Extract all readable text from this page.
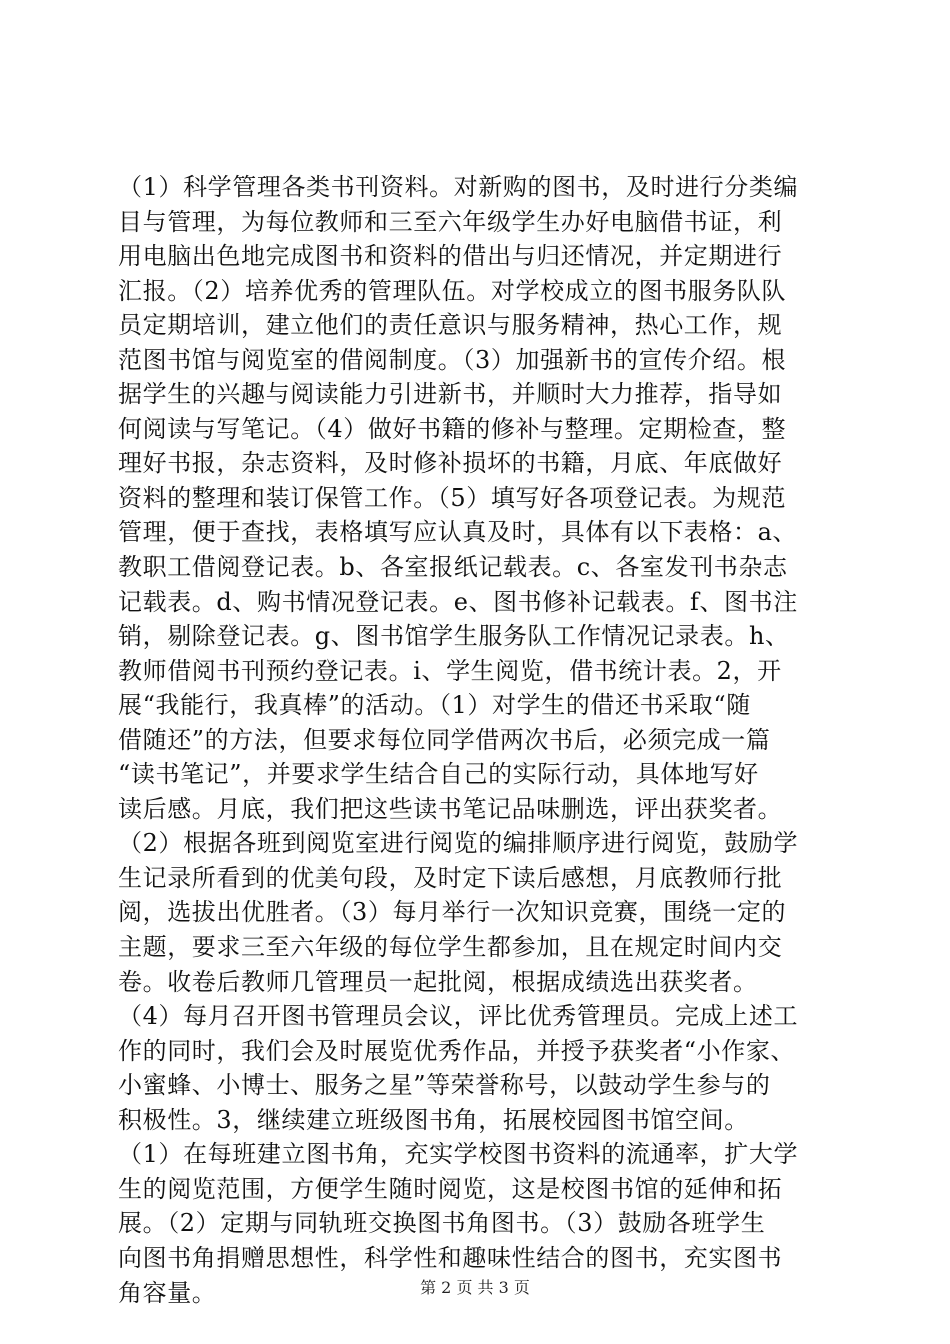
（1）科学管理各类书刊资料。对新购的图书，及时进行分类编
目与管理，为每位教师和三至六年级学生办好电脑借书证，利
用电脑出色地完成图书和资料的借出与归还情况，并定期进行
汇报。（2）培养优秀的管理队伍。对学校成立的图书服务队队
员定期培训，建立他们的责任意识与服务精神，热心工作，规
范图书馆与阅览室的借阅制度。（3）加强新书的宣传介绍。根
据学生的兴趣与阅读能力引进新书，并顺时大力推荐，指导如
何阅读与写笔记。（4）做好书籍的修补与整理。定期检查，整
理好书报，杂志资料，及时修补损坏的书籍，月底、年底做好
资料的整理和装订保管工作。（5）填写好各项登记表。为规范
管理，便于查找，表格填写应认真及时，具体有以下表格：a、
教职工借阅登记表。b、各室报纸记载表。c、各室发刊书杂志
记载表。d、购书情况登记表。e、图书修补记载表。f、图书注
销，剔除登记表。g、图书馆学生服务队工作情况记录表。h、
教师借阅书刊预约登记表。i、学生阅览，借书统计表。2，开
展“我能行，我真棒”的活动。（1）对学生的借还书采取“随
借随还”的方法，但要求每位同学借两次书后，必须完成一篇
“读书笔记”，并要求学生结合自己的实际行动，具体地写好
读后感。月底，我们把这些读书笔记品味删选，评出获奖者。
（2）根据各班到阅览室进行阅览的编排顺序进行阅览，鼓励学
生记录所看到的优美句段，及时定下读后感想，月底教师行批
阅，选拔出优胜者。（3）每月举行一次知识竞赛，围绕一定的
主题，要求三至六年级的每位学生都参加，且在规定时间内交
卷。收卷后教师几管理员一起批阅，根据成绩选出获奖者。
（4）每月召开图书管理员会议，评比优秀管理员。完成上述工
作的同时，我们会及时展览优秀作品，并授予获奖者“小作家、
小蜜蜂、小博士、服务之星”等荣誉称号，以鼓动学生参与的
积极性。3，继续建立班级图书角，拓展校园图书馆空间。
（1）在每班建立图书角，充实学校图书资料的流通率，扩大学
生的阅览范围，方便学生随时阅览，这是校图书馆的延伸和拓
展。（2）定期与同轨班交换图书角图书。（3）鼓励各班学生
向图书角捐赠思想性，科学性和趣味性结合的图书，充实图书
角容量。	第 2 页 共 3 页
